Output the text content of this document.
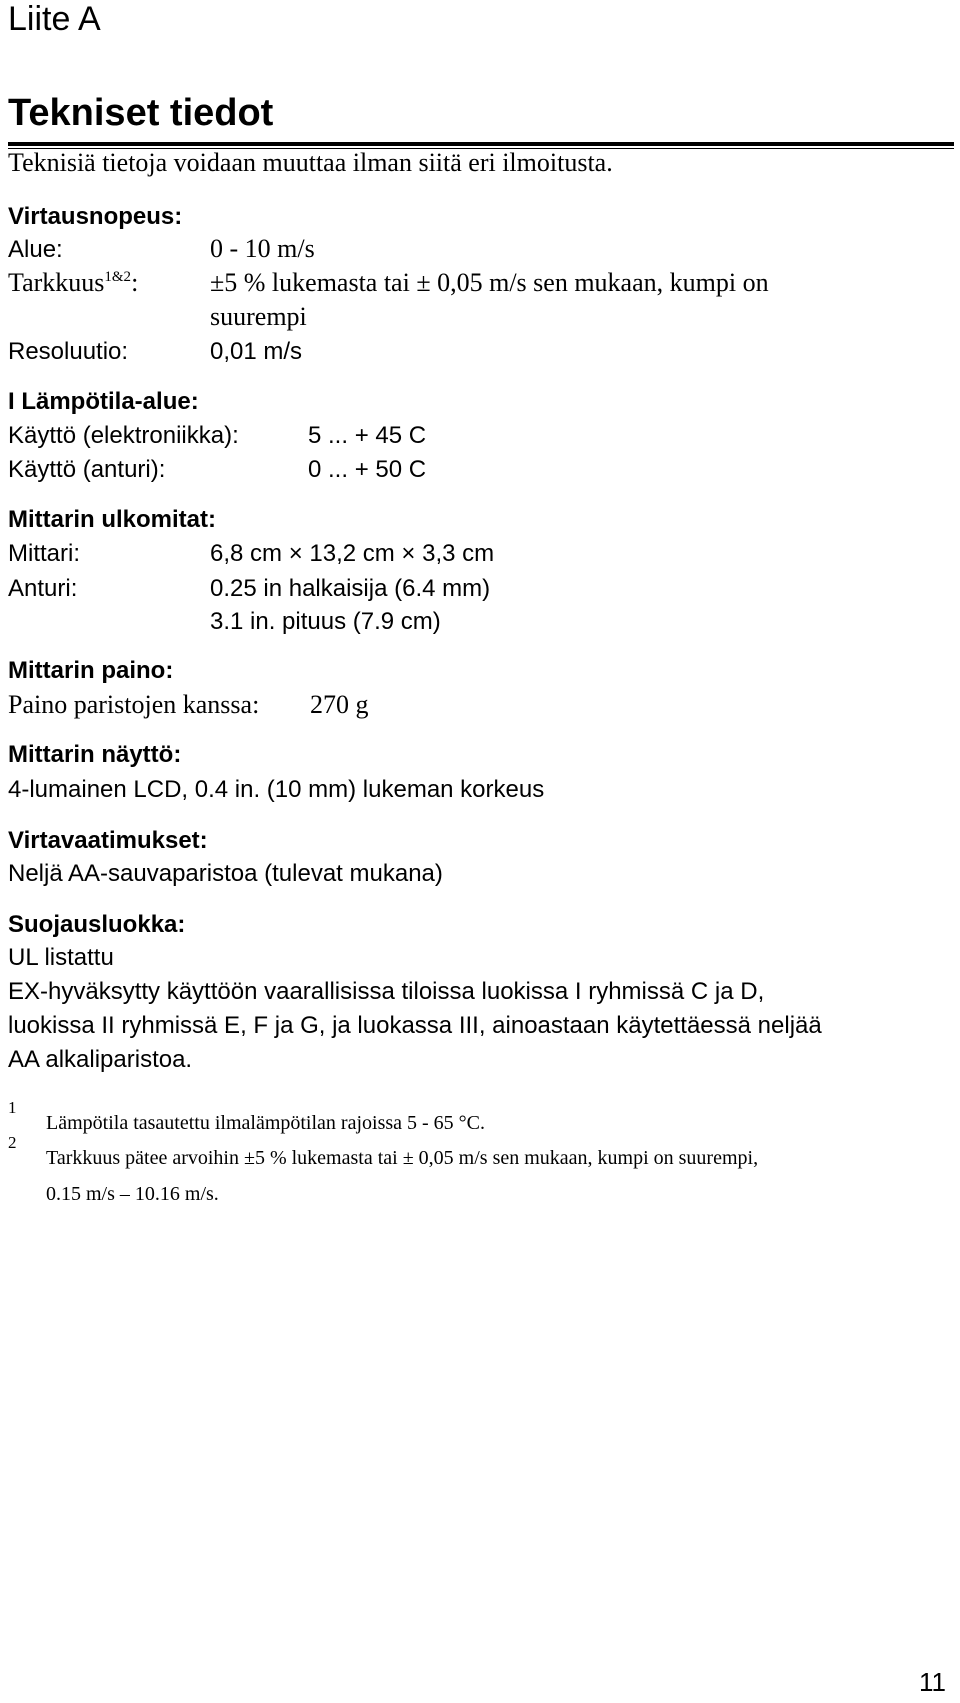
Liite A
Tekniset tiedot
Teknisiä tietoja voidaan muuttaa ilman siitä eri ilmoitusta.
Virtausnopeus:
Alue:	0 - 10 m/s
Tarkkuus$^{1\&2}$:	±5 % lukemasta tai ± 0,05 m/s sen mukaan, kumpi on
suurempi
Resoluutio:	0,01 m/s
I Lämpötila-alue:
Käyttö (elektroniikka):	5 ... + 45 C
Käyttö (anturi):	0 ... + 50 C
Mittarin ulkomitat:
Mittari:	6,8 cm × 13,2 cm × 3,3 cm
Anturi:	0.25 in halkaisija (6.4 mm)
3.1 in. pituus (7.9 cm)
Mittarin paino:
Paino paristojen kanssa: 270 g
Mittarin näyttö:
4-lumainen LCD, 0.4 in. (10 mm) lukeman korkeus
Virtavaatimukset:
Neljä AA-sauvaparistoa (tulevat mukana)
Suojausluokka:
UL listattu
EX-hyväksytty käyttöön vaarallisissa tiloissa luokissa I ryhmissä C ja D,
luokissa II ryhmissä E, F ja G, ja luokassa III, ainoastaan käytettäessä neljää
AA alkaliparistoa.
1
Lämpötila tasautettu ilmalämpötilan rajoissa 5 - 65 °C.
2
Tarkkuus pätee arvoihin ±5 % lukemasta tai ± 0,05 m/s sen mukaan, kumpi on suurempi,
0.15 m/s – 10.16 m/s.
11
